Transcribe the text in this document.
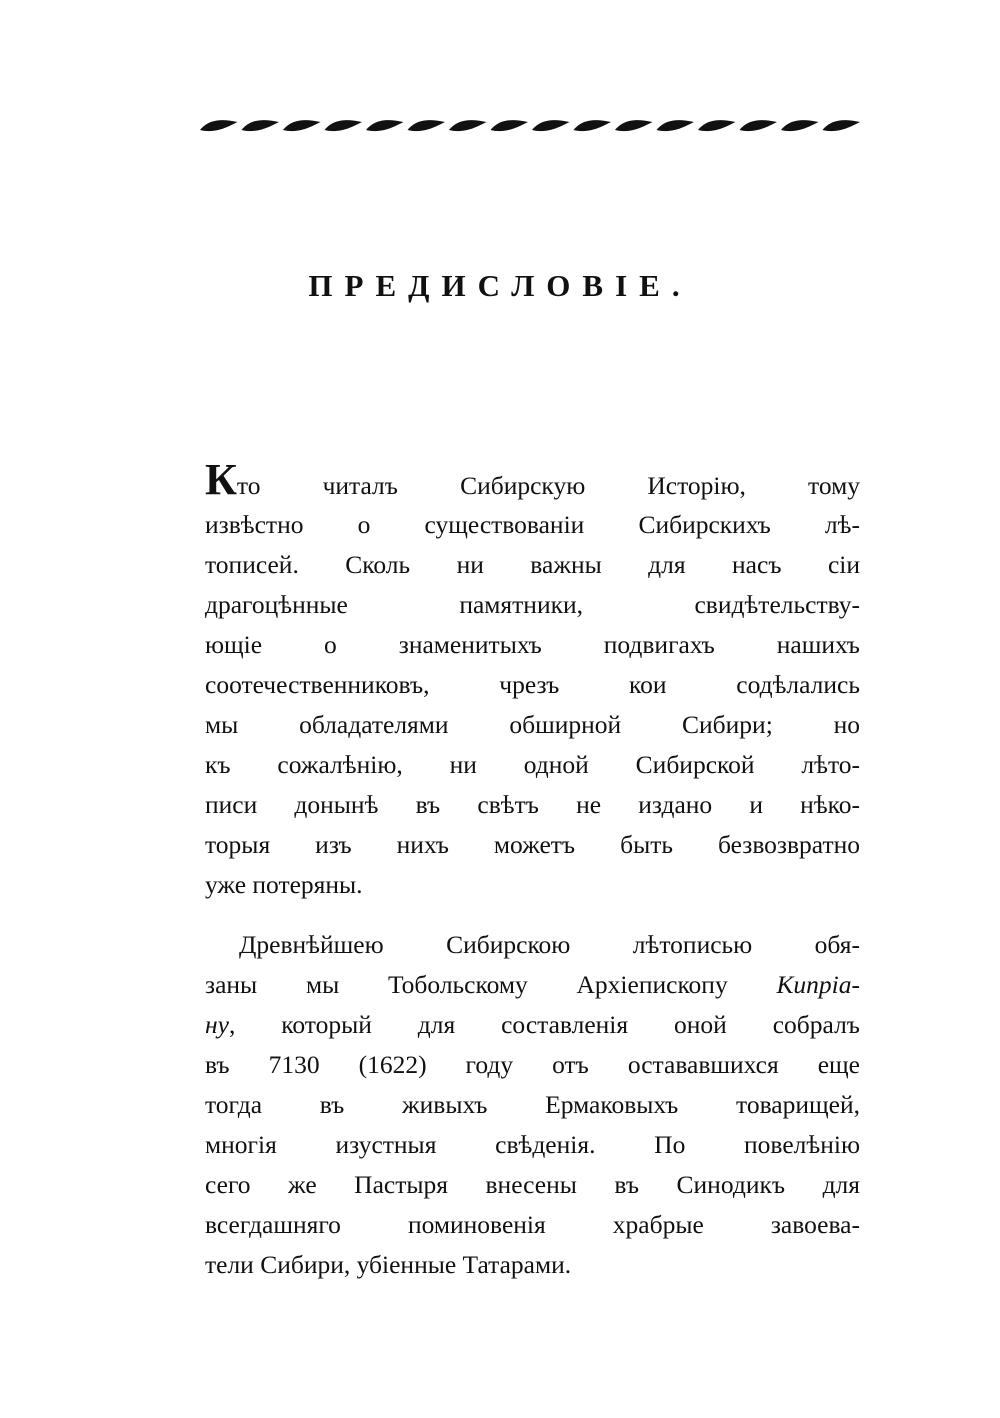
ПРЕДИСЛОВІЕ.
Кто читалъ Сибирскую Исторію, тому
извѣстно о существованіи Сибирскихъ лѣ-
тописей. Сколь ни важны для насъ сіи
драгоцѣнные памятники, свидѣтельству-
ющіе о знаменитыхъ подвигахъ нашихъ
соотечественниковъ, чрезъ кои содѣлались
мы обладателями обширной Сибири; но
къ сожалѣнію, ни одной Сибирской лѣто-
писи донынѣ въ свѣтъ не издано и нѣко-
торыя изъ нихъ можетъ быть безвозвратно
уже потеряны.
Древнѣйшею Сибирскою лѣтописью обя-
заны мы Тобольскому Архіепископу Кипріа-
ну, который для составленія оной собралъ
въ 7130 (1622) году отъ остававшихся еще
тогда въ живыхъ Ермаковыхъ товарищей,
многія изустныя свѣденія. По повелѣнію
сего же Пастыря внесены въ Синодикъ для
всегдашняго поминовенія храбрые завоева-
тели Сибири, убіенные Татарами.
